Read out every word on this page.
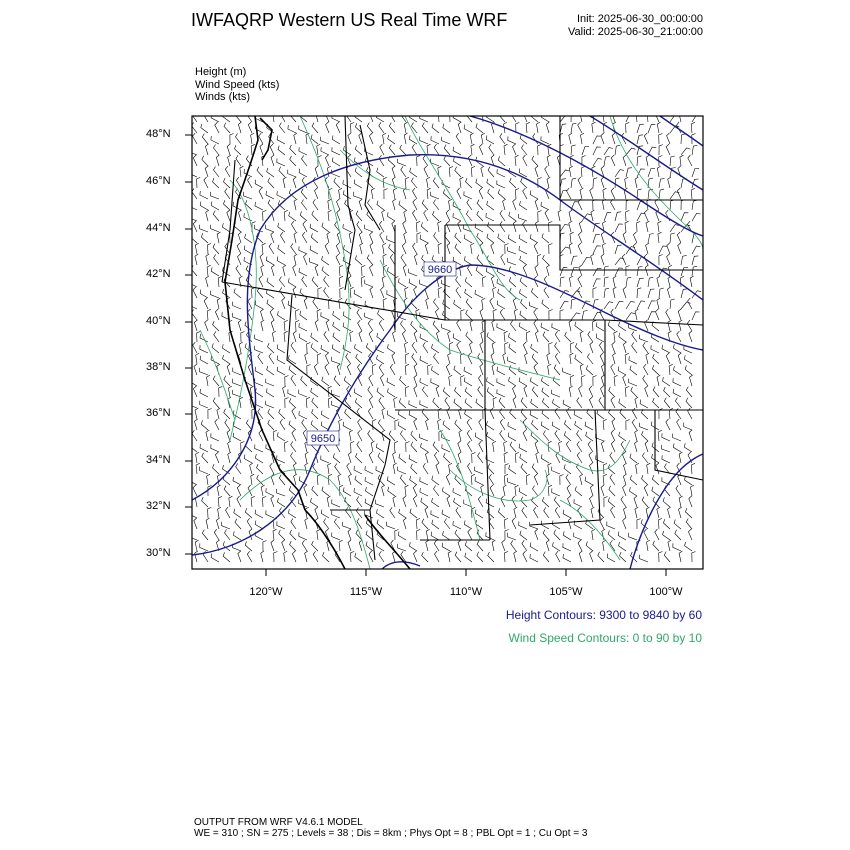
IWFAQRP Western US Real Time WRF	Init: 2025-06-30_00:00:00
Valid: 2025-06-30_21:00:00
Height (m)
Wind Speed (kts)
Winds (kts)
9660
9650
48°N
46°N
44°N
42°N
40°N
38°N
36°N
34°N
32°N
30°N
120°W	115°W	110°W	105°W	100°W
Height Contours: 9300 to 9840 by 60
Wind Speed Contours: 0 to 90 by 10
OUTPUT FROM WRF V4.6.1 MODEL
WE = 310 ; SN = 275 ; Levels = 38 ; Dis = 8km ; Phys Opt = 8 ; PBL Opt = 1 ; Cu Opt = 3
